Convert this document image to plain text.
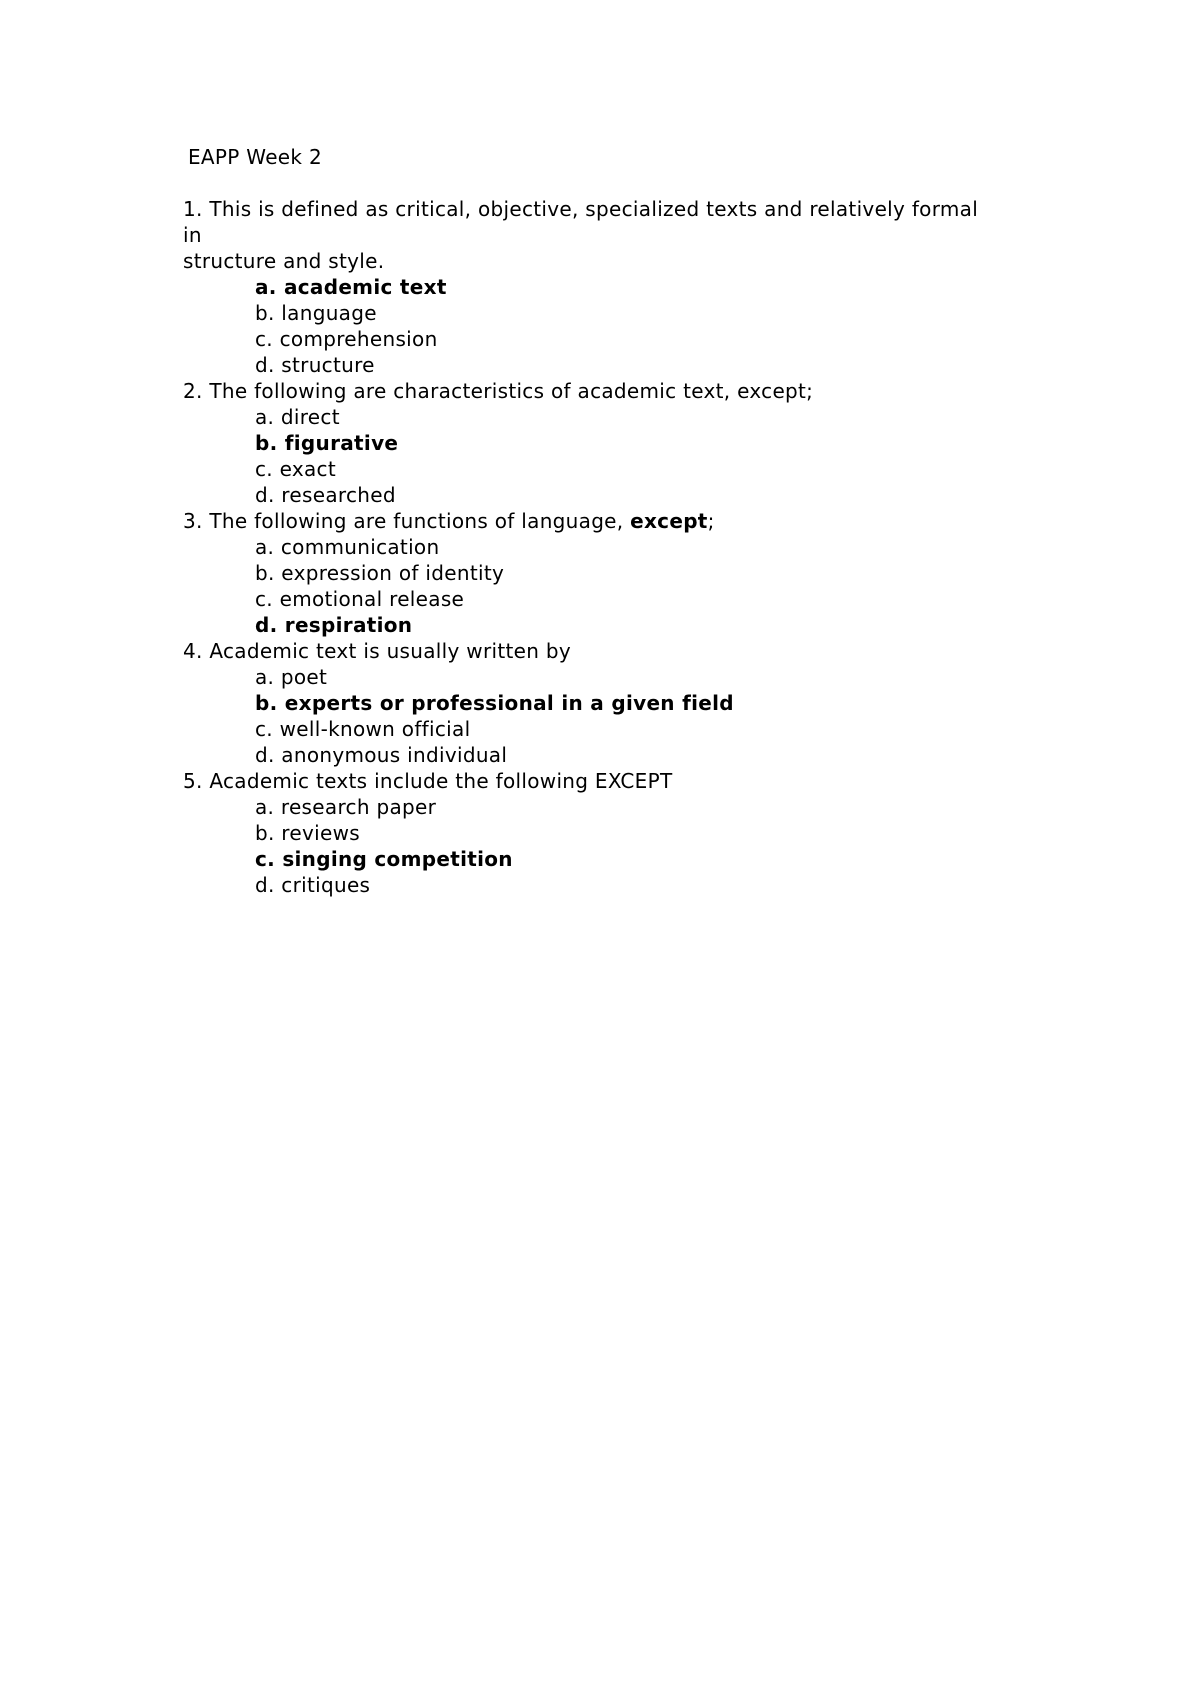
EAPP Week 2
1. This is defined as critical, objective, specialized texts and relatively formal in
structure and style.
a. academic text
b. language
c. comprehension
d. structure
2. The following are characteristics of academic text, except;
a. direct
b. figurative
c. exact
d. researched
3. The following are functions of language, except;
a. communication
b. expression of identity
c. emotional release
d. respiration
4. Academic text is usually written by
a. poet
b. experts or professional in a given field
c. well-known official
d. anonymous individual
5. Academic texts include the following EXCEPT
a. research paper
b. reviews
c. singing competition
d. critiques
